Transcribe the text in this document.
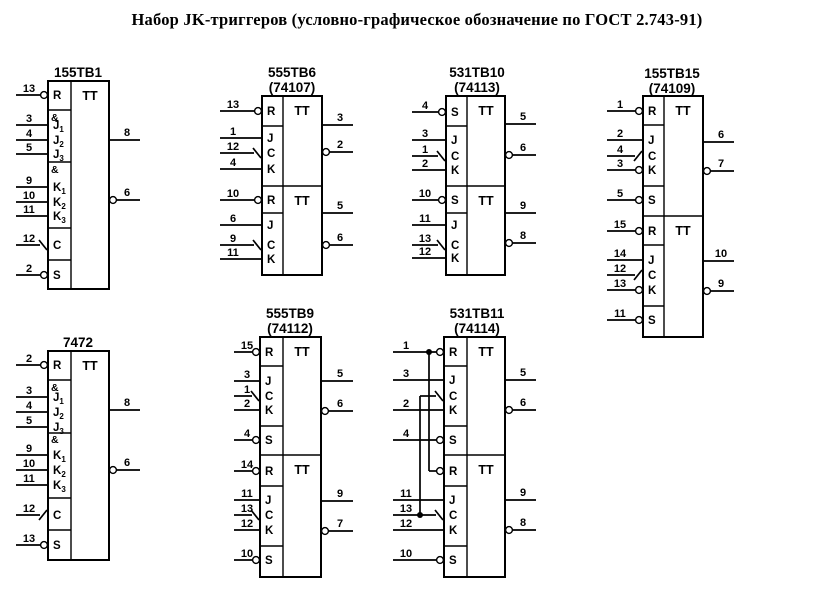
155ТВ1
TT
&
&
13
R
3
$J_1$
4
$J_2$
5
$J_3$
9
$K_1$
10
$K_2$
11
$K_3$
12
C
2
S
8
6
7472
TT
&
&
2
R
3
$J_1$
4
$J_2$
5
$J_3$
9
$K_1$
10
$K_2$
11
$K_3$
12
C
13
S
8
6
555ТВ6
(74107)
TT
TT
13
R
1
J
12
C
4
K
10
R
6
J
9
C
11
K
3
2
5
6
531ТВ10
(74113)
TT
TT
4
S
3
J
1
C
2
K
10
S
11
J
13
C
12
K
5
6
9
8
155ТВ15
(74109)
TT
TT
1
R
2
J
4
C
3
K
5
S
15
R
14
J
12
C
13
K
11
S
6
7
10
9
555ТВ9
(74112)
TT
TT
15
R
3
J
1
C
2
K
4
S
14
R
11
J
13
C
12
K
10
S
5
6
9
7
531ТВ11
(74114)
TT
TT
1
R
3
J
C
2
K
4
S
R
11
J
13
C
12
K
10
S
5
6
9
8
Набор JK-триггеров (условно-графическое обозначение по ГОСТ 2.743-91)
